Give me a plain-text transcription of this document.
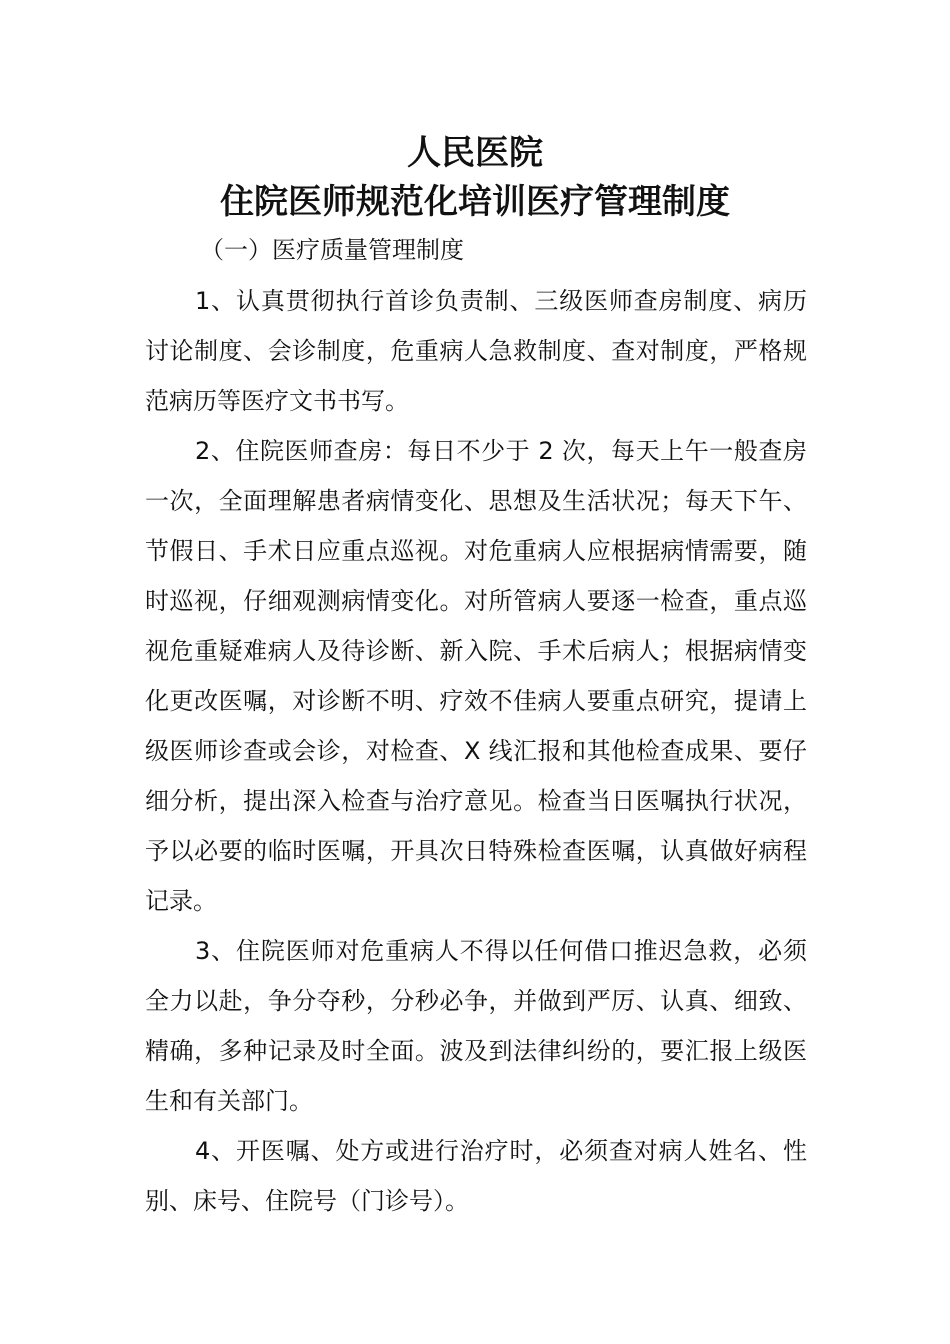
人民医院
住院医师规范化培训医疗管理制度

（一）医疗质量管理制度

1、认真贯彻执行首诊负责制、三级医师查房制度、病历讨论制度、会诊制度，危重病人急救制度、查对制度，严格规范病历等医疗文书书写。

2、住院医师查房：每日不少于 2 次，每天上午一般查房一次，全面理解患者病情变化、思想及生活状况；每天下午、节假日、手术日应重点巡视。对危重病人应根据病情需要，随时巡视，仔细观测病情变化。对所管病人要逐一检查，重点巡视危重疑难病人及待诊断、新入院、手术后病人；根据病情变化更改医嘱，对诊断不明、疗效不佳病人要重点研究，提请上级医师诊查或会诊，对检查、X 线汇报和其他检查成果、要仔细分析，提出深入检查与治疗意见。检查当日医嘱执行状况，予以必要的临时医嘱，开具次日特殊检查医嘱，认真做好病程记录。

3、住院医师对危重病人不得以任何借口推迟急救，必须全力以赴，争分夺秒，分秒必争，并做到严厉、认真、细致、精确，多种记录及时全面。波及到法律纠纷的，要汇报上级医生和有关部门。

4、开医嘱、处方或进行治疗时，必须查对病人姓名、性别、床号、住院号（门诊号）。
